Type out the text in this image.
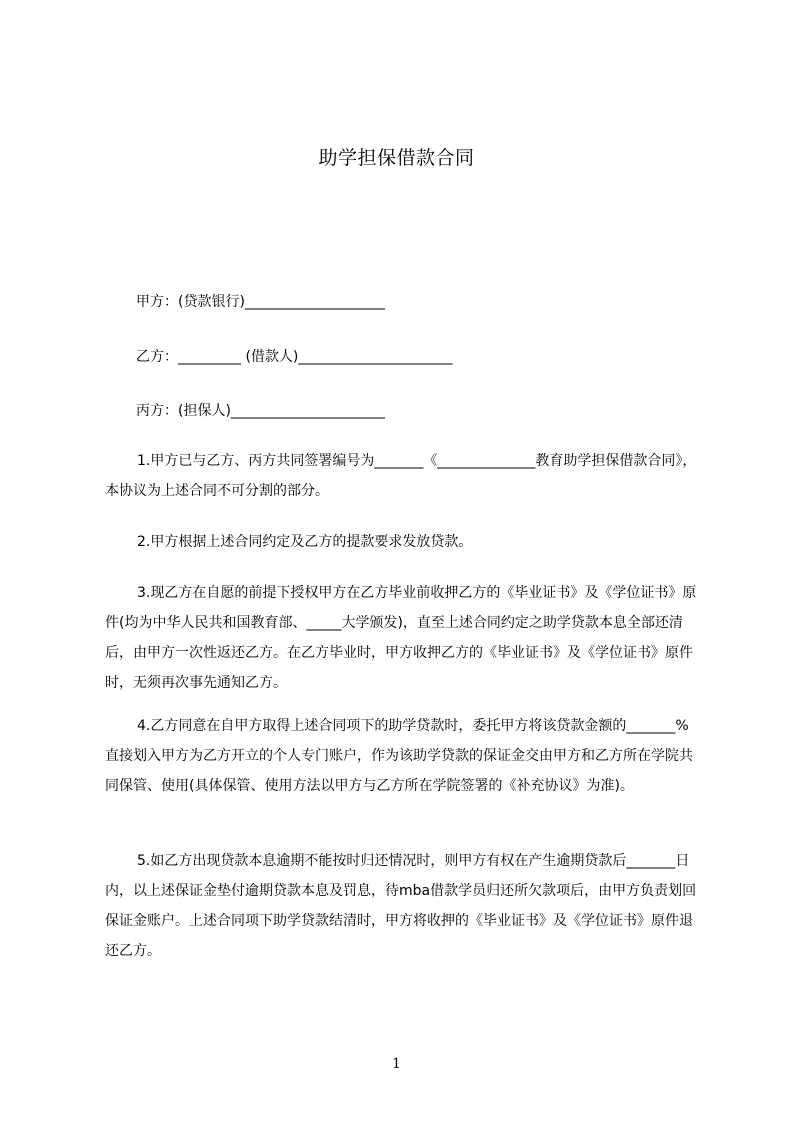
助学担保借款合同

甲方：(贷款银行)____________________

乙方：_________ (借款人)______________________

丙方：(担保人)______________________

1.甲方已与乙方、丙方共同签署编号为_______《______________教育助学担保借款合同》，本协议为上述合同不可分割的部分。

2.甲方根据上述合同约定及乙方的提款要求发放贷款。

3.现乙方在自愿的前提下授权甲方在乙方毕业前收押乙方的《毕业证书》及《学位证书》原件(均为中华人民共和国教育部、_____大学颁发)，直至上述合同约定之助学贷款本息全部还清后，由甲方一次性返还乙方。在乙方毕业时，甲方收押乙方的《毕业证书》及《学位证书》原件时，无须再次事先通知乙方。

4.乙方同意在自甲方取得上述合同项下的助学贷款时，委托甲方将该贷款金额的_______%直接划入甲方为乙方开立的个人专门账户，作为该助学贷款的保证金交由甲方和乙方所在学院共同保管、使用(具体保管、使用方法以甲方与乙方所在学院签署的《补充协议》为准)。

5.如乙方出现贷款本息逾期不能按时归还情况时，则甲方有权在产生逾期贷款后_______日内，以上述保证金垫付逾期贷款本息及罚息，待mba借款学员归还所欠款项后，由甲方负责划回保证金账户。上述合同项下助学贷款结清时，甲方将收押的《毕业证书》及《学位证书》原件退还乙方。

1
